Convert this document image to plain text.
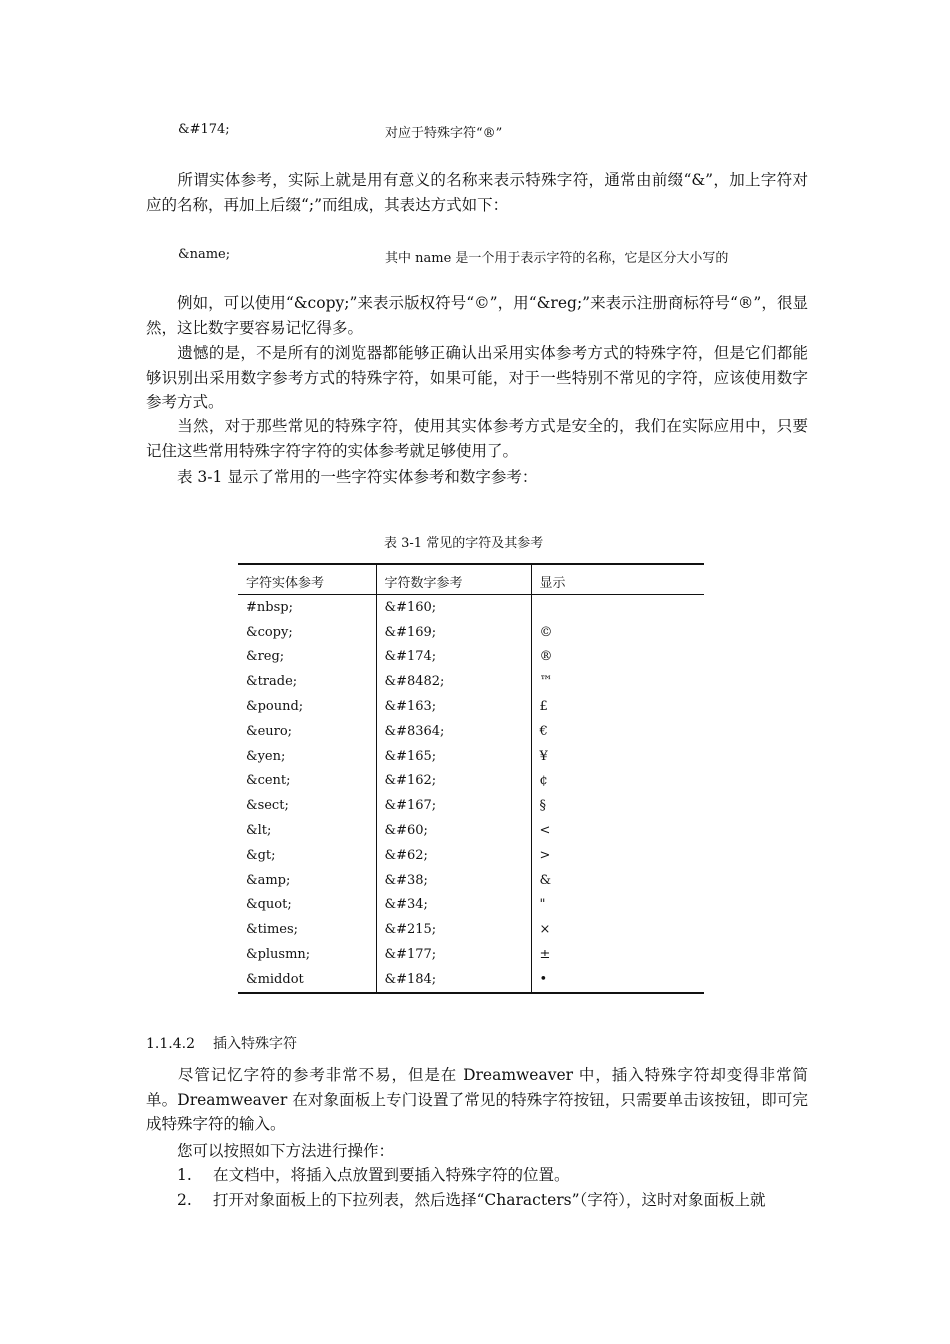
&#174;	对应于特殊字符“®”
所谓实体参考，实际上就是用有意义的名称来表示特殊字符，通常由前缀“&”，加上字符对应的名称，再加上后缀“;”而组成，其表达方式如下：
&name;	其中 name 是一个用于表示字符的名称，它是区分大小写的
例如，可以使用“&copy;”来表示版权符号“©”，用“&reg;”来表示注册商标符号“®”，很显然，这比数字要容易记忆得多。
遗憾的是，不是所有的浏览器都能够正确认出采用实体参考方式的特殊字符，但是它们都能够识别出采用数字参考方式的特殊字符，如果可能，对于一些特别不常见的字符，应该使用数字参考方式。
当然，对于那些常见的特殊字符，使用其实体参考方式是安全的，我们在实际应用中，只要记住这些常用特殊字符字符的实体参考就足够使用了。
表 3-1 显示了常用的一些字符实体参考和数字参考：
表 3-1 常见的字符及其参考
字符实体参考	字符数字参考	显示
#nbsp;	&#160;	
&copy;	&#169;	©
&reg;	&#174;	®
&trade;	&#8482;	™
&pound;	&#163;	£
&euro;	&#8364;	€
&yen;	&#165;	¥
&cent;	&#162;	¢
&sect;	&#167;	§
&lt;	&#60;	<
&gt;	&#62;	>
&amp;	&#38;	&
&quot;	&#34;	"
&times;	&#215;	×
&plusmn;	&#177;	±
&middot	&#184;	•
1.1.4.2 插入特殊字符
尽管记忆字符的参考非常不易，但是在 Dreamweaver 中，插入特殊字符却变得非常简单。Dreamweaver 在对象面板上专门设置了常见的特殊字符按钮，只需要单击该按钮，即可完成特殊字符的输入。
您可以按照如下方法进行操作：
1. 在文档中，将插入点放置到要插入特殊字符的位置。
2. 打开对象面板上的下拉列表，然后选择“Characters”（字符），这时对象面板上就
